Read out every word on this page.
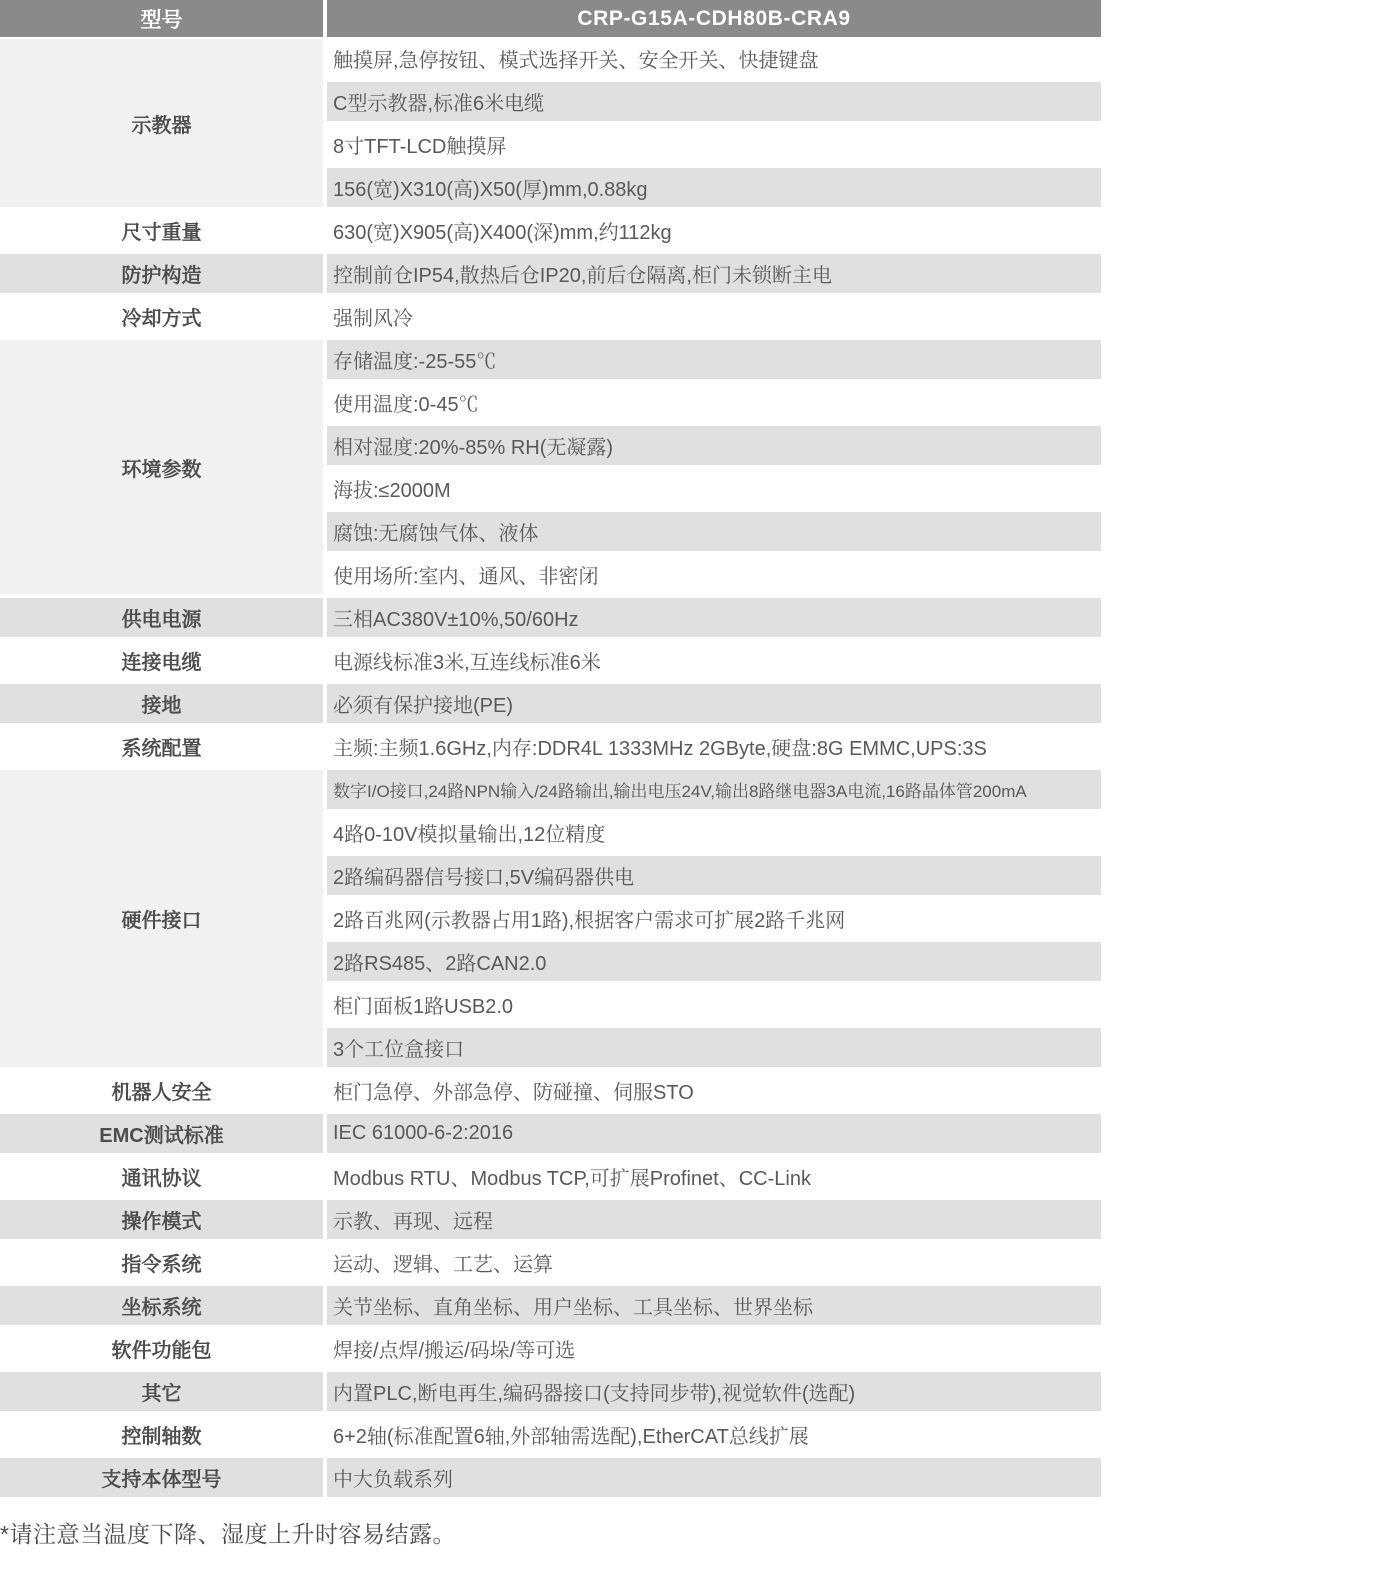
型号	CRP-G15A-CDH80B-CRA9
示教器
触摸屏,急停按钮、模式选择开关、安全开关、快捷键盘
C型示教器,标准6米电缆
8寸TFT-LCD触摸屏
156(宽)X310(高)X50(厚)mm,0.88kg
尺寸重量	630(宽)X905(高)X400(深)mm,约112kg
防护构造	控制前仓IP54,散热后仓IP20,前后仓隔离,柜门未锁断主电
冷却方式	强制风冷
环境参数
存储温度:-25-55℃
使用温度:0-45℃
相对湿度:20%-85% RH(无凝露)
海拔:≤2000M
腐蚀:无腐蚀气体、液体
使用场所:室内、通风、非密闭
供电电源	三相AC380V±10%,50/60Hz
连接电缆	电源线标准3米,互连线标准6米
接地	必须有保护接地(PE)
系统配置	主频:主频1.6GHz,内存:DDR4L 1333MHz 2GByte,硬盘:8G EMMC,UPS:3S
硬件接口
数字I/O接口,24路NPN输入/24路输出,输出电压24V,输出8路继电器3A电流,16路晶体管200mA
4路0-10V模拟量输出,12位精度
2路编码器信号接口,5V编码器供电
2路百兆网(示教器占用1路),根据客户需求可扩展2路千兆网
2路RS485、2路CAN2.0
柜门面板1路USB2.0
3个工位盒接口
机器人安全	柜门急停、外部急停、防碰撞、伺服STO
EMC测试标准	IEC 61000-6-2:2016
通讯协议	Modbus RTU、Modbus TCP,可扩展Profinet、CC-Link
操作模式	示教、再现、远程
指令系统	运动、逻辑、工艺、运算
坐标系统	关节坐标、直角坐标、用户坐标、工具坐标、世界坐标
软件功能包	焊接/点焊/搬运/码垛/等可选
其它	内置PLC,断电再生,编码器接口(支持同步带),视觉软件(选配)
控制轴数	6+2轴(标准配置6轴,外部轴需选配),EtherCAT总线扩展
支持本体型号	中大负载系列
*请注意当温度下降、湿度上升时容易结露。
